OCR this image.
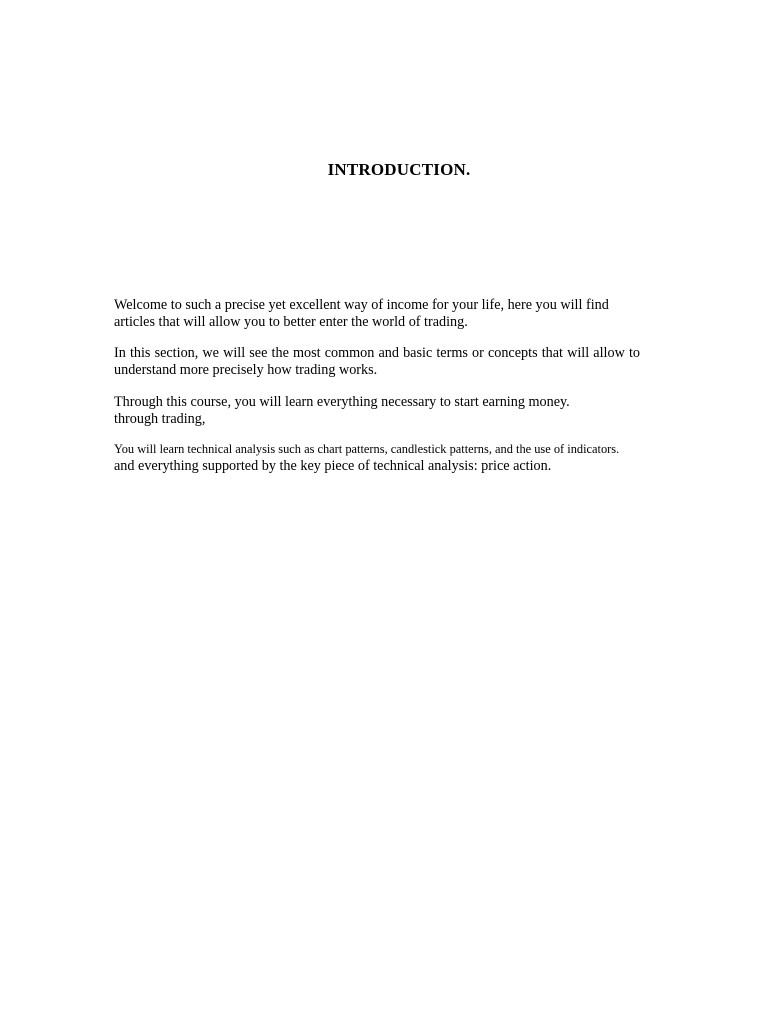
INTRODUCTION.

Welcome to such a precise yet excellent way of income for your life, here you will find
articles that will allow you to better enter the world of trading.

In this section, we will see the most common and basic terms or concepts that will allow to understand more precisely how trading works.

Through this course, you will learn everything necessary to start earning money.
through trading,

You will learn technical analysis such as chart patterns, candlestick patterns, and the use of indicators.

and everything supported by the key piece of technical analysis: price action.
